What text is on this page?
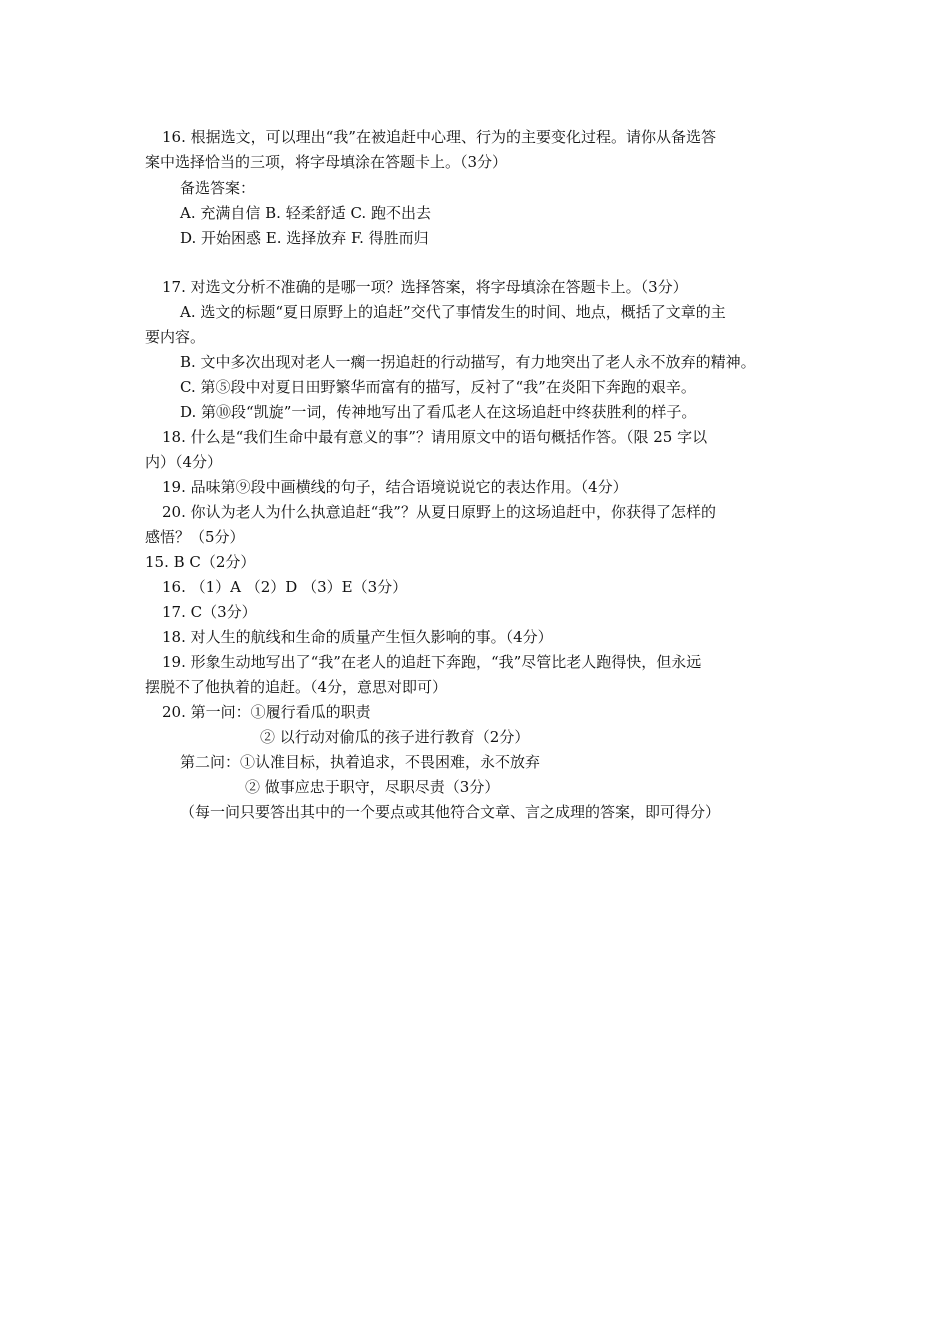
16. 根据选文，可以理出“我”在被追赶中心理、行为的主要变化过程。请你从备选答
案中选择恰当的三项，将字母填涂在答题卡上。（3分）
备选答案：
A. 充满自信 B. 轻柔舒适 C. 跑不出去
D. 开始困惑 E. 选择放弃 F. 得胜而归
17. 对选文分析不准确的是哪一项？选择答案，将字母填涂在答题卡上。（3分）
A. 选文的标题“夏日原野上的追赶”交代了事情发生的时间、地点，概括了文章的主
要内容。
B. 文中多次出现对老人一瘸一拐追赶的行动描写，有力地突出了老人永不放弃的精神。
C. 第⑤段中对夏日田野繁华而富有的描写，反衬了“我”在炎阳下奔跑的艰辛。
D. 第⑩段“凯旋”一词，传神地写出了看瓜老人在这场追赶中终获胜利的样子。
18. 什么是“我们生命中最有意义的事”？请用原文中的语句概括作答。（限 25 字以
内）（4分）
19. 品味第⑨段中画横线的句子，结合语境说说它的表达作用。（4分）
20. 你认为老人为什么执意追赶“我”？从夏日原野上的这场追赶中，你获得了怎样的
感悟？（5分）
15. B C（2分）
16. （1）A （2）D （3）E（3分）
17. C（3分）
18. 对人生的航线和生命的质量产生恒久影响的事。（4分）
19. 形象生动地写出了“我”在老人的追赶下奔跑，“我”尽管比老人跑得快，但永远
摆脱不了他执着的追赶。（4分，意思对即可）
20. 第一问：①履行看瓜的职责
② 以行动对偷瓜的孩子进行教育（2分）
第二问：①认准目标，执着追求，不畏困难，永不放弃
② 做事应忠于职守，尽职尽责（3分）
（每一问只要答出其中的一个要点或其他符合文章、言之成理的答案，即可得分）
